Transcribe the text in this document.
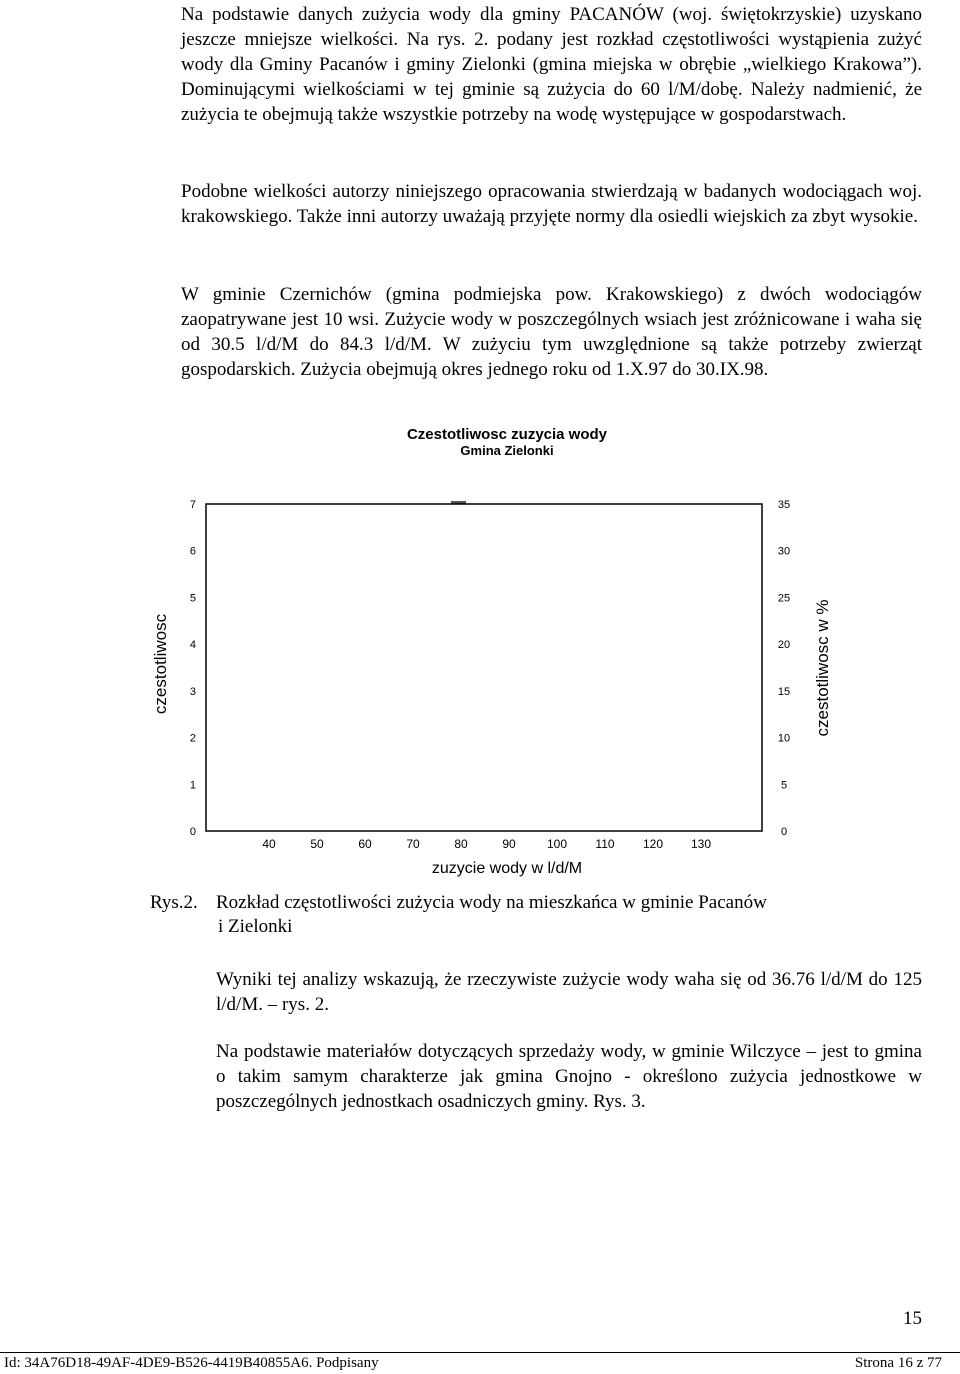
Na podstawie danych zużycia wody dla gminy PACANÓW (woj. świętokrzyskie) uzyskano jeszcze mniejsze wielkości. Na rys. 2. podany jest rozkład częstotliwości wystąpienia zużyć wody dla Gminy Pacanów i gminy Zielonki (gmina miejska w obrębie „wielkiego Krakowa”). Dominującymi wielkościami w tej gminie są zużycia do 60 l/M/dobę. Należy nadmienić, że zużycia te obejmują także wszystkie potrzeby na wodę występujące w gospodarstwach.

Podobne wielkości autorzy niniejszego opracowania stwierdzają w badanych wodociągach woj. krakowskiego. Także inni autorzy uważają przyjęte normy dla osiedli wiejskich za zbyt wysokie.

W gminie Czernichów (gmina podmiejska pow. Krakowskiego) z dwóch wodociągów zaopatrywane jest 10 wsi. Zużycie wody w poszczególnych wsiach jest zróżnicowane i waha się od 30.5 l/d/M do 84.3 l/d/M. W zużyciu tym uwzględnione są także potrzeby zwierząt gospodarskich. Zużycia obejmują okres jednego roku od 1.X.97 do 30.IX.98.

Czestotliwosc zuzycia wody
Gmina Zielonki
0
1
2
3
4
5
6
7
0
5
10
15
20
25
30
35
40	50	60	70	80	90	100 110 120 130
czestotliwosc	czestotliwosc w %
zuzycie wody w l/d/M
Rys.2. Rozkład częstotliwości zużycia wody na mieszkańca w gminie Pacanów
i Zielonki

Wyniki tej analizy wskazują, że rzeczywiste zużycie wody waha się od 36.76 l/d/M do 125 l/d/M. – rys. 2.

Na podstawie materiałów dotyczących sprzedaży wody, w gminie Wilczyce – jest to gmina o takim samym charakterze jak gmina Gnojno - określono zużycia jednostkowe w poszczególnych jednostkach osadniczych gminy. Rys. 3.

15
Id: 34A76D18-49AF-4DE9-B526-4419B40855A6. Podpisany	Strona 16 z 77
